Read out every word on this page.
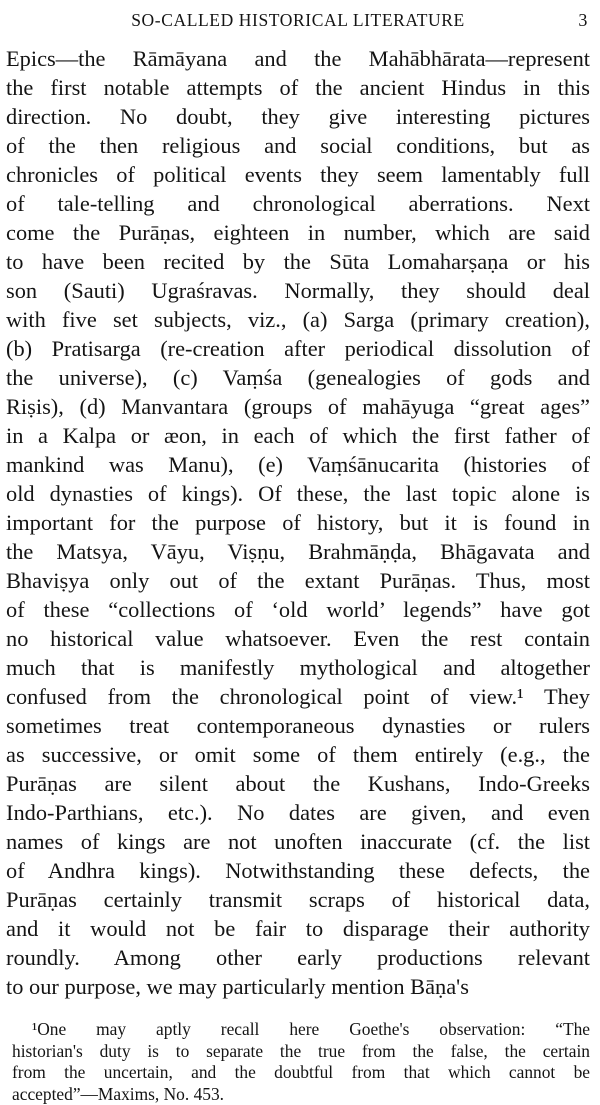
SO-CALLED HISTORICAL LITERATURE	3
Epics—the Rāmāyana and the Mahābhārata—represent
the first notable attempts of the ancient Hindus in this
direction. No doubt, they give interesting pictures
of the then religious and social conditions, but as
chronicles of political events they seem lamentably full
of tale-telling and chronological aberrations. Next
come the Purāṇas, eighteen in number, which are said
to have been recited by the Sūta Lomaharṣaṇa or his
son (Sauti) Ugraśravas. Normally, they should deal
with five set subjects, viz., (a) Sarga (primary creation),
(b) Pratisarga (re-creation after periodical dissolution of
the universe), (c) Vaṃśa (genealogies of gods and
Riṣis), (d) Manvantara (groups of mahāyuga “great ages”
in a Kalpa or æon, in each of which the first father of
mankind was Manu), (e) Vaṃśānucarita (histories of
old dynasties of kings). Of these, the last topic alone is
important for the purpose of history, but it is found in
the Matsya, Vāyu, Viṣṇu, Brahmāṇḍa, Bhāgavata and
Bhaviṣya only out of the extant Purāṇas. Thus, most
of these “collections of ‘old world’ legends” have got
no historical value whatsoever. Even the rest contain
much that is manifestly mythological and altogether
confused from the chronological point of view.¹ They
sometimes treat contemporaneous dynasties or rulers
as successive, or omit some of them entirely (e.g., the
Purāṇas are silent about the Kushans, Indo-Greeks
Indo-Parthians, etc.). No dates are given, and even
names of kings are not unoften inaccurate (cf. the list
of Andhra kings). Notwithstanding these defects, the
Purāṇas certainly transmit scraps of historical data,
and it would not be fair to disparage their authority
roundly. Among other early productions relevant
to our purpose, we may particularly mention Bāṇa's
¹One may aptly recall here Goethe's observation: “The
historian's duty is to separate the true from the false, the certain
from the uncertain, and the doubtful from that which cannot be
accepted”—Maxims, No. 453.
